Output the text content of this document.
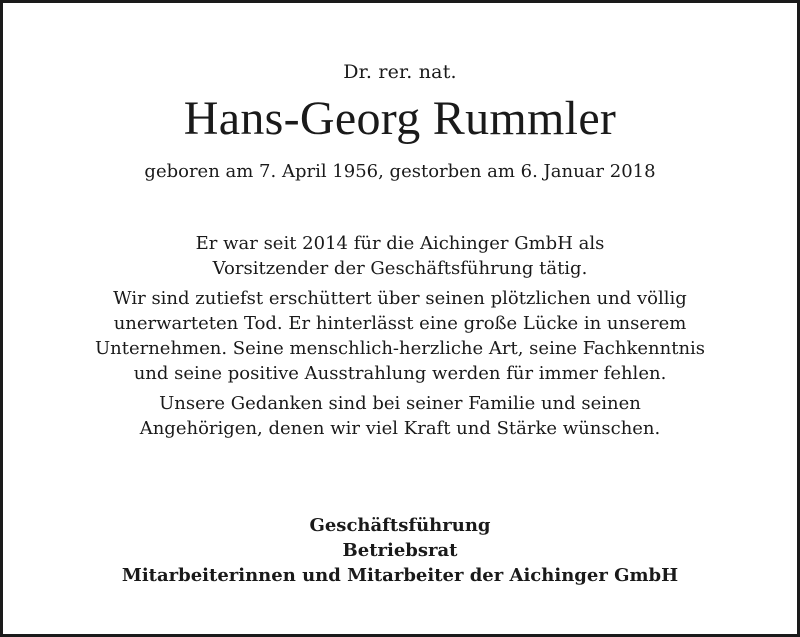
Dr. rer. nat.
Hans-Georg Rummler
geboren am 7. April 1956, gestorben am 6. Januar 2018

Er war seit 2014 für die Aichinger GmbH als
Vorsitzender der Geschäftsführung tätig.

Wir sind zutiefst erschüttert über seinen plötzlichen und völlig
unerwarteten Tod. Er hinterlässt eine große Lücke in unserem
Unternehmen. Seine menschlich-herzliche Art, seine Fachkenntnis
und seine positive Ausstrahlung werden für immer fehlen.

Unsere Gedanken sind bei seiner Familie und seinen
Angehörigen, denen wir viel Kraft und Stärke wünschen.

Geschäftsführung
Betriebsrat
Mitarbeiterinnen und Mitarbeiter der Aichinger GmbH
